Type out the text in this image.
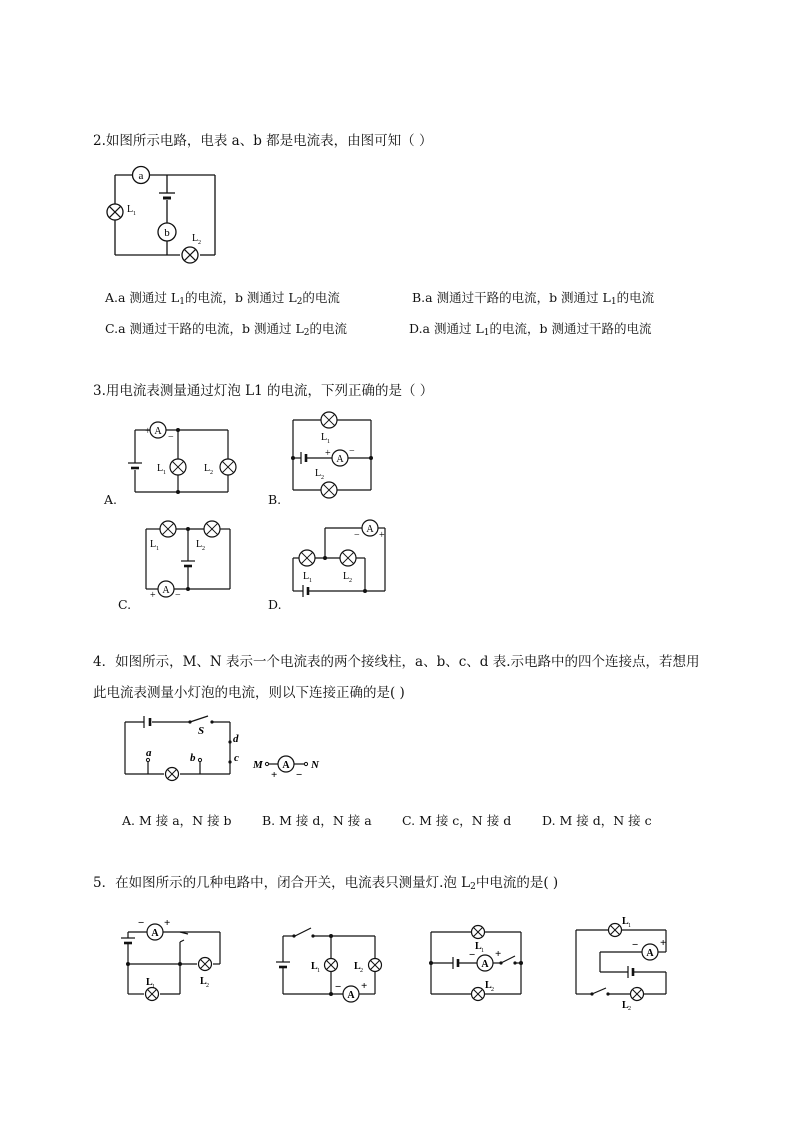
2.如图所示电路，电表 a、b 都是电流表，由图可知（ ）
a
b
L 1
L 2
A.a 测通过 $L_1$的电流，b 测通过 $L_2$的电流	B.a 测通过干路的电流，b 测通过 $L_1$的电流
C.a 测通过干路的电流，b 测通过 $L_2$的电流	D.a 测通过 $L_1$的电流，b 测通过干路的电流
3.用电流表测量通过灯泡 L1 的电流，下列正确的是（ ）
A
+
−
L 1	L 2
A.
L 1
A
+ −
L 2
B.
L 1	L 2
A
+ −
C.
A
− +
L 1	L 2
D.
4．如图所示，M、N 表示一个电流表的两个接线柱，a、b、c、d 表.示电路中的四个连接点，若想用
此电流表测量小灯泡的电流，则以下连接正确的是( )
S
a	b	c
d
M A N
+ −
A. M 接 a，N 接 b B. M 接 d，N 接 a C. M 接 c，N 接 d D. M 接 d，N 接 c
5．在如图所示的几种电路中，闭合开关，电流表只测量灯.泡 $L_2$中电流的是( )
A
− +
L 1	L 2
L 1	L 2
A
− +
L 1
A
− +
L 2
L 1
A
− +
L 2
